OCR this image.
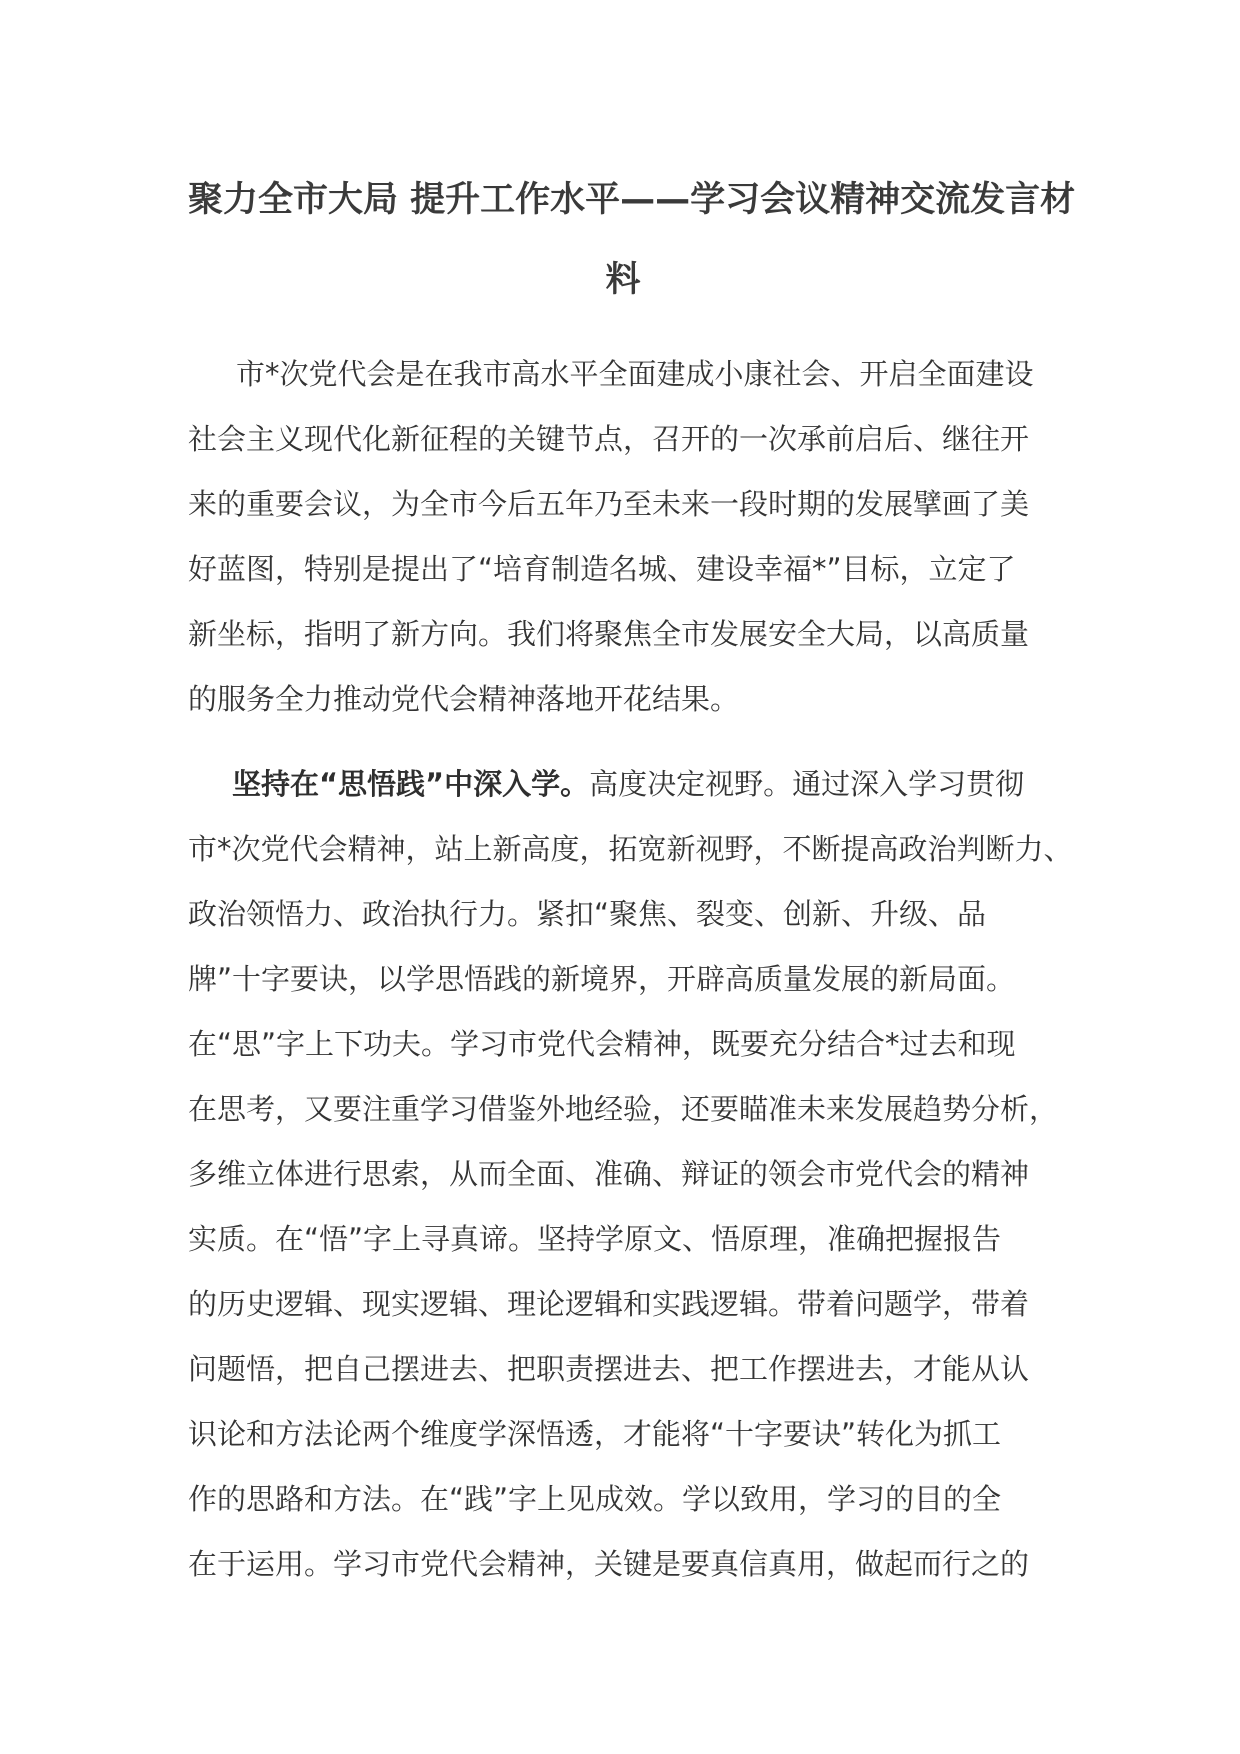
聚力全市大局 提升工作水平——学习会议精神交流发言材
料
市*次党代会是在我市高水平全面建成小康社会、开启全面建设
社会主义现代化新征程的关键节点，召开的一次承前启后、继往开
来的重要会议，为全市今后五年乃至未来一段时期的发展擘画了美
好蓝图，特别是提出了“培育制造名城、建设幸福*”目标，立定了
新坐标，指明了新方向。我们将聚焦全市发展安全大局，以高质量
的服务全力推动党代会精神落地开花结果。
坚持在“思悟践”中深入学。高度决定视野。通过深入学习贯彻
市*次党代会精神，站上新高度，拓宽新视野，不断提高政治判断力、
政治领悟力、政治执行力。紧扣“聚焦、裂变、创新、升级、品
牌”十字要诀，以学思悟践的新境界，开辟高质量发展的新局面。
在“思”字上下功夫。学习市党代会精神，既要充分结合*过去和现
在思考，又要注重学习借鉴外地经验，还要瞄准未来发展趋势分析，
多维立体进行思索，从而全面、准确、辩证的领会市党代会的精神
实质。在“悟”字上寻真谛。坚持学原文、悟原理，准确把握报告
的历史逻辑、现实逻辑、理论逻辑和实践逻辑。带着问题学，带着
问题悟，把自己摆进去、把职责摆进去、把工作摆进去，才能从认
识论和方法论两个维度学深悟透，才能将“十字要诀”转化为抓工
作的思路和方法。在“践”字上见成效。学以致用，学习的目的全
在于运用。学习市党代会精神，关键是要真信真用，做起而行之的
